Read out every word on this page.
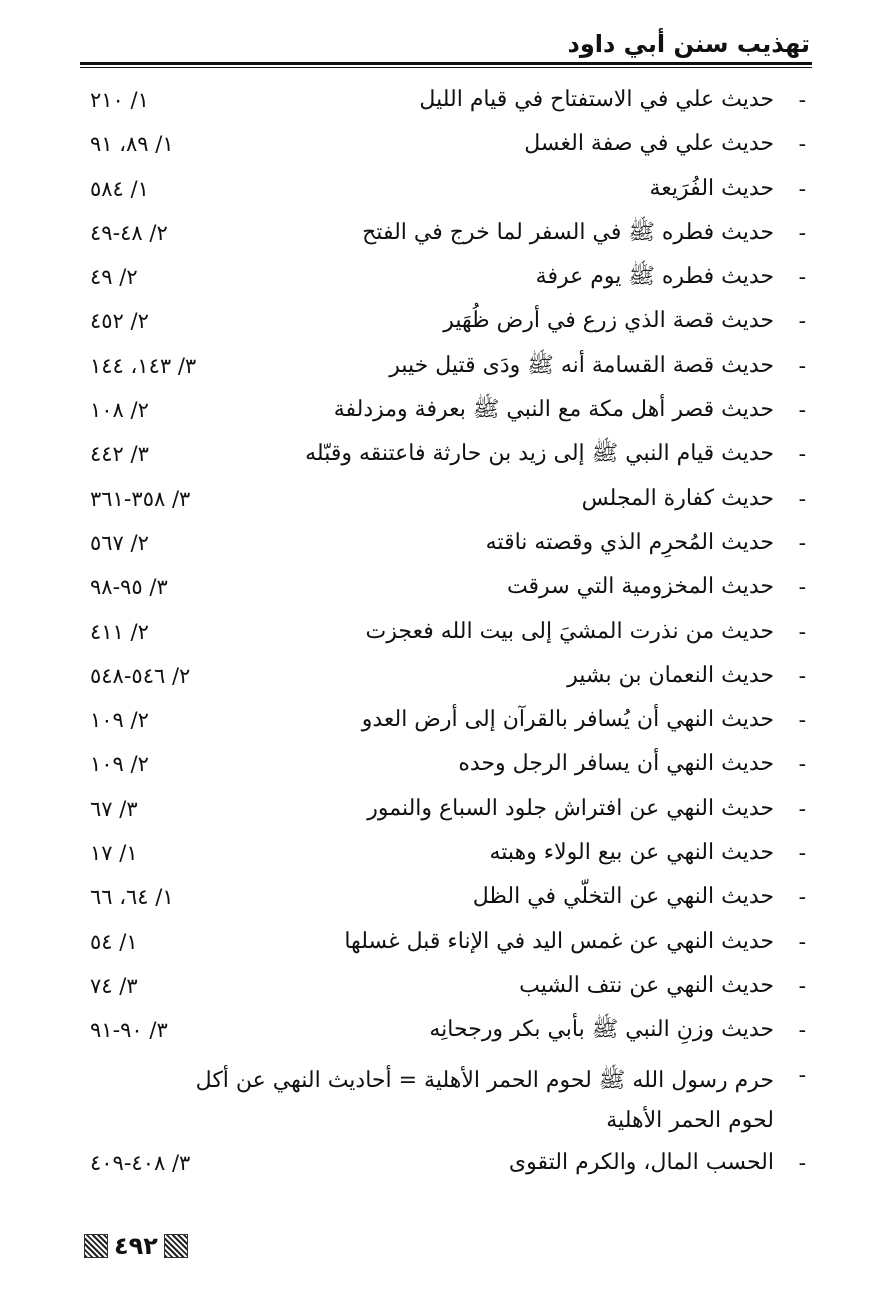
تهذيب سنن أبي داود
-
حديث علي في الاستفتاح في قيام الليل
١/ ٢١٠
-
حديث علي في صفة الغسل
١/ ٨٩، ٩١
-
حديث الفُرَيعة
١/ ٥٨٤
-
حديث فطره ﷺ في السفر لما خرج في الفتح
٢/ ٤٨-٤٩
-
حديث فطره ﷺ يوم عرفة
٢/ ٤٩
-
حديث قصة الذي زرع في أرض ظُهَير
٢/ ٤٥٢
-
حديث قصة القسامة أنه ﷺ ودَى قتيل خيبر
٣/ ١٤٣، ١٤٤
-
حديث قصر أهل مكة مع النبي ﷺ بعرفة ومزدلفة
٢/ ١٠٨
-
حديث قيام النبي ﷺ إلى زيد بن حارثة فاعتنقه وقبّله
٣/ ٤٤٢
-
حديث كفارة المجلس
٣/ ٣٥٨-٣٦١
-
حديث المُحرِم الذي وقصته ناقته
٢/ ٥٦٧
-
حديث المخزومية التي سرقت
٣/ ٩٥-٩٨
-
حديث من نذرت المشيَ إلى بيت الله فعجزت
٢/ ٤١١
-
حديث النعمان بن بشير
٢/ ٥٤٦-٥٤٨
-
حديث النهي أن يُسافر بالقرآن إلى أرض العدو
٢/ ١٠٩
-
حديث النهي أن يسافر الرجل وحده
٢/ ١٠٩
-
حديث النهي عن افتراش جلود السباع والنمور
٣/ ٦٧
-
حديث النهي عن بيع الولاء وهبته
١/ ١٧
-
حديث النهي عن التخلّي في الظل
١/ ٦٤، ٦٦
-
حديث النهي عن غمس اليد في الإناء قبل غسلها
١/ ٥٤
-
حديث النهي عن نتف الشيب
٣/ ٧٤
-
حديث وزنِ النبي ﷺ بأبي بكر ورجحانِه
٣/ ٩٠-٩١
-
حرم رسول الله ﷺ لحوم الحمر الأهلية = أحاديث النهي عن أكل لحوم الحمر الأهلية
-
الحسب المال، والكرم التقوى
٣/ ٤٠٨-٤٠٩
٤٩٢
